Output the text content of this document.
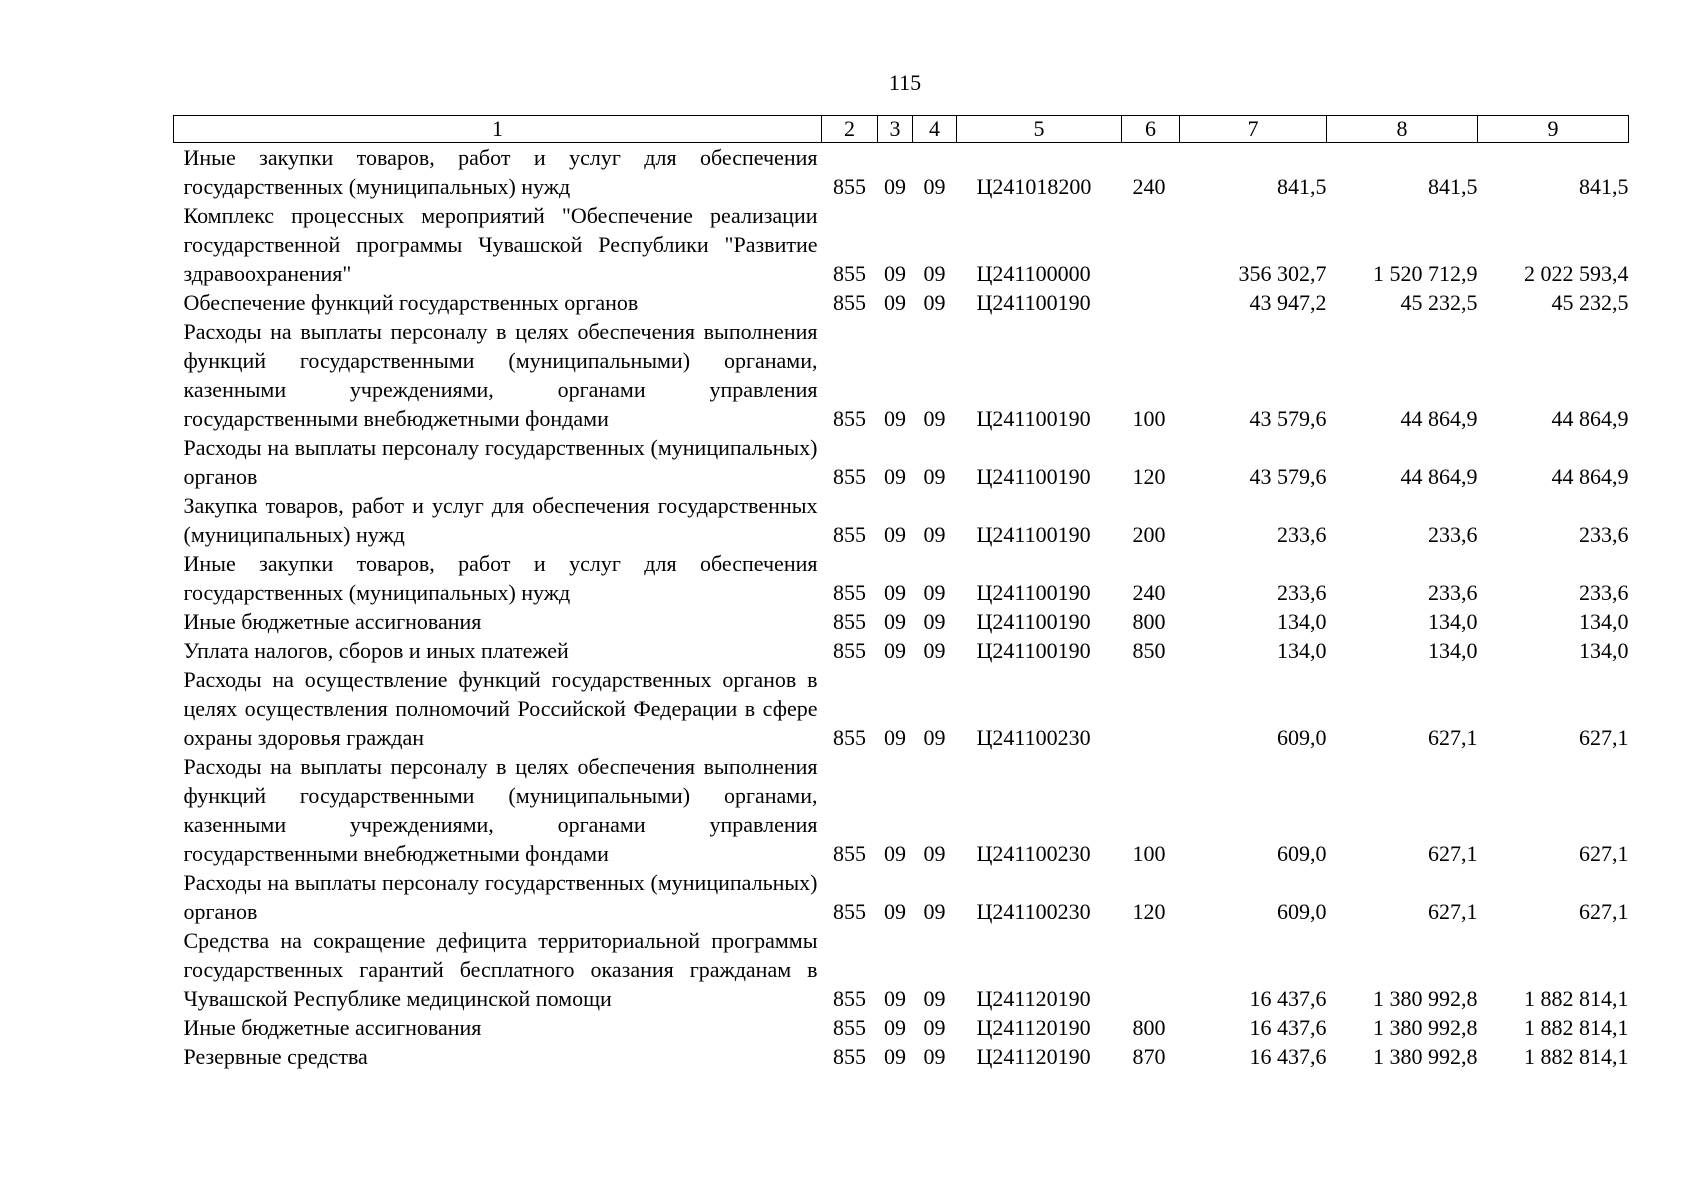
115
1	2	3	4	5	6	7	8	9
Иные закупки товаров, работ и услуг для обеспечения государственных (муниципальных) нужд	855	09	09	Ц241018200	240	841,5	841,5	841,5
Комплекс процессных мероприятий "Обеспечение реализации государственной программы Чувашской Республики "Развитие здравоохранения"	855	09	09	Ц241100000		356 302,7	1 520 712,9	2 022 593,4
Обеспечение функций государственных органов	855	09	09	Ц241100190		43 947,2	45 232,5	45 232,5
Расходы на выплаты персоналу в целях обеспечения выполнения функций государственными (муниципальными) органами, казенными учреждениями, органами управления государственными внебюджетными фондами	855	09	09	Ц241100190	100	43 579,6	44 864,9	44 864,9
Расходы на выплаты персоналу государственных (муниципальных) органов	855	09	09	Ц241100190	120	43 579,6	44 864,9	44 864,9
Закупка товаров, работ и услуг для обеспечения государственных (муниципальных) нужд	855	09	09	Ц241100190	200	233,6	233,6	233,6
Иные закупки товаров, работ и услуг для обеспечения государственных (муниципальных) нужд	855	09	09	Ц241100190	240	233,6	233,6	233,6
Иные бюджетные ассигнования	855	09	09	Ц241100190	800	134,0	134,0	134,0
Уплата налогов, сборов и иных платежей	855	09	09	Ц241100190	850	134,0	134,0	134,0
Расходы на осуществление функций государственных органов в целях осуществления полномочий Российской Федерации в сфере охраны здоровья граждан	855	09	09	Ц241100230		609,0	627,1	627,1
Расходы на выплаты персоналу в целях обеспечения выполнения функций государственными (муниципальными) органами, казенными учреждениями, органами управления государственными внебюджетными фондами	855	09	09	Ц241100230	100	609,0	627,1	627,1
Расходы на выплаты персоналу государственных (муниципальных) органов	855	09	09	Ц241100230	120	609,0	627,1	627,1
Средства на сокращение дефицита территориальной программы государственных гарантий бесплатного оказания гражданам в Чувашской Республике медицинской помощи	855	09	09	Ц241120190		16 437,6	1 380 992,8	1 882 814,1
Иные бюджетные ассигнования	855	09	09	Ц241120190	800	16 437,6	1 380 992,8	1 882 814,1
Резервные средства	855	09	09	Ц241120190	870	16 437,6	1 380 992,8	1 882 814,1
